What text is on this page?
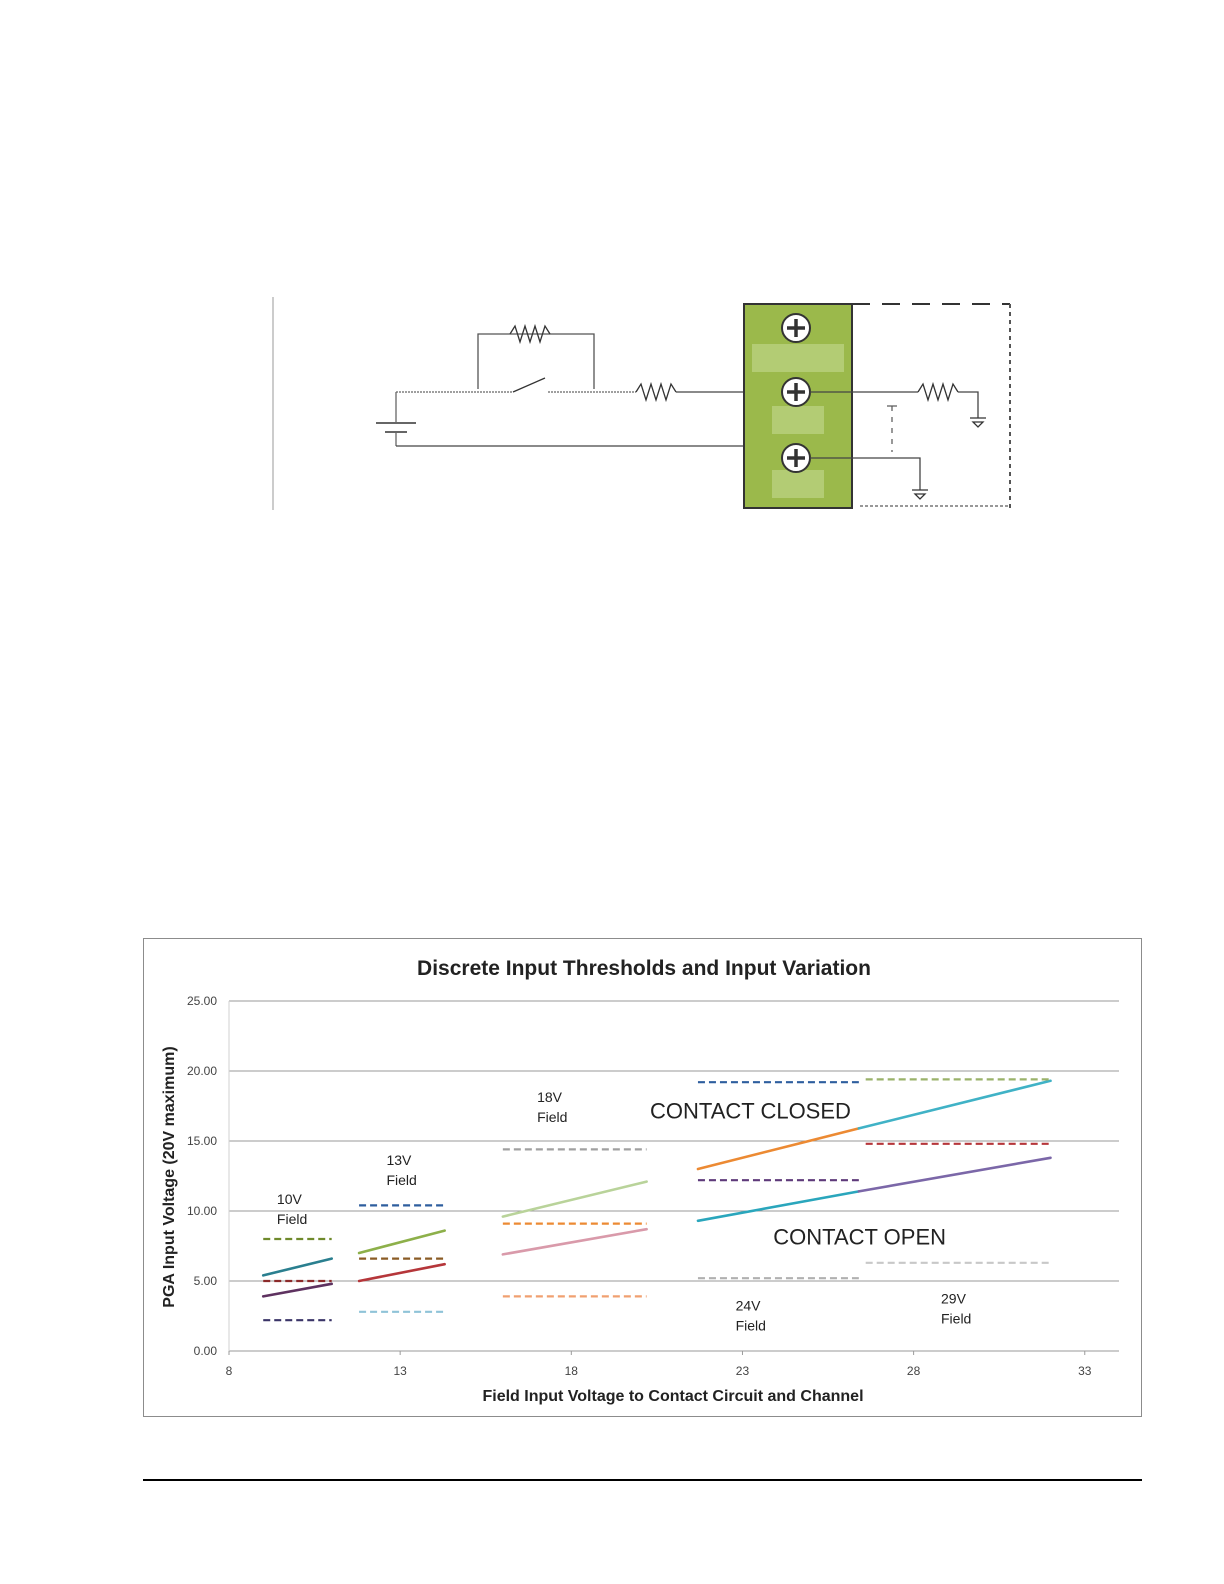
Discrete Input Thresholds and Input Variation
PGA Input Voltage (20V maximum)
Field Input Voltage to Contact Circuit and Channel
0.00
5.00
10.00
15.00
20.00
25.00
8	13	18	23	28	33
10V Field
13V Field
18V Field	CONTACT CLOSED
CONTACT OPEN
24V Field
29V Field
